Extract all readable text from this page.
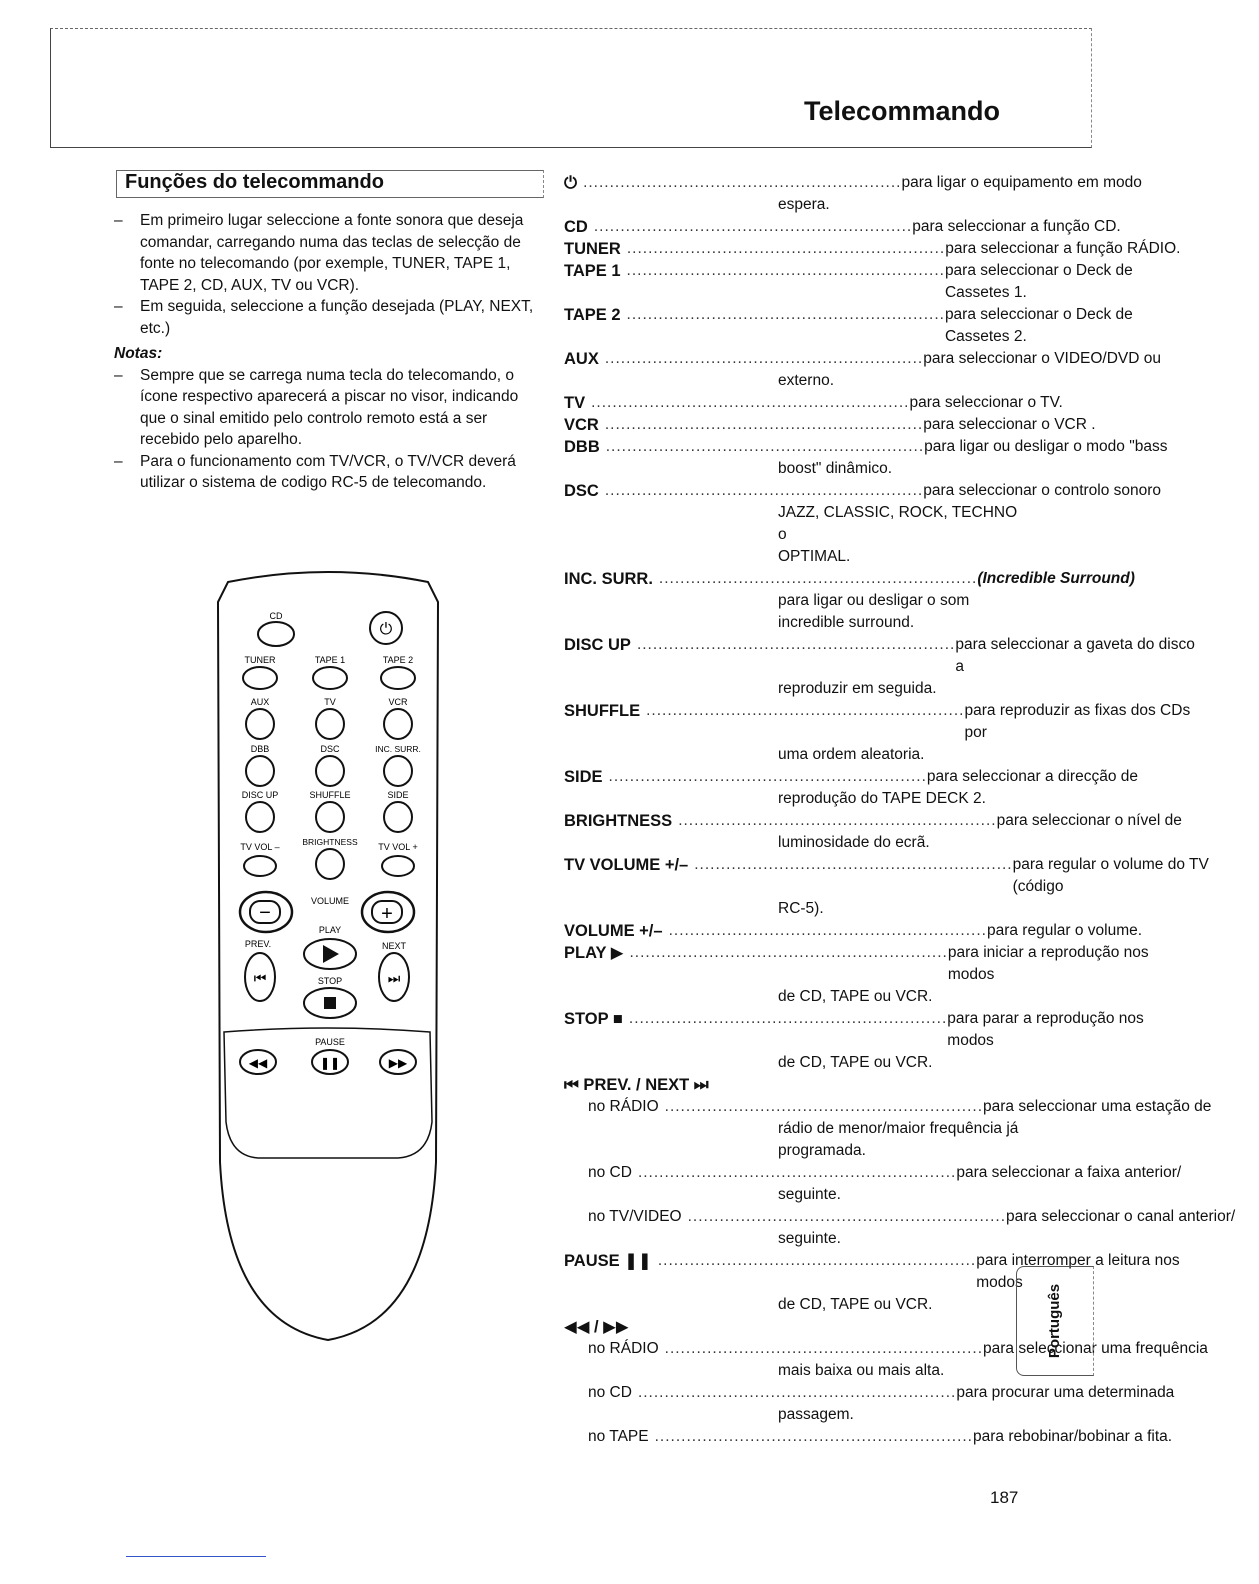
Telecommando
Funções do telecommando

– Em primeiro lugar seleccione a fonte sonora que deseja comandar, carregando numa das teclas de selecção de fonte no telecomando (por exemple, TUNER, TAPE 1, TAPE 2, CD, AUX, TV ou VCR).

– Em seguida, seleccione a função desejada (PLAY, NEXT, etc.)

Notas:

– Sempre que se carrega numa tecla do telecomando, o ícone respectivo aparecerá a piscar no visor, indicando que o sinal emitido pelo controlo remoto está a ser recebido pelo aparelho.

– Para o funcionamento com TV/VCR, o TV/VCR deverá utilizar o sistema de codigo RC-5 de telecomando.

CD
⏻
TUNER	TAPE 1	TAPE 2
AUX	TV	VCR
DBB	DSC	INC. SURR.
DISC UP	SHUFFLE	SIDE
TV VOL –	BRIGHTNESS TV VOL +
VOLUME
−	+
PLAY
PREV.	NEXT
⏮	⏭
STOP
PAUSE
◀◀	❚❚	▶▶
⏻ ............................................................ para ligar o equipamento em modo
espera.
CD ............................................................ para seleccionar a função CD.
TUNER ............................................................ para seleccionar a função RÁDIO.
TAPE 1 ............................................................ para seleccionar o Deck de Cassetes 1.
TAPE 2 ............................................................ para seleccionar o Deck de Cassetes 2.
AUX ............................................................ para seleccionar o VIDEO/DVD ou
externo.
TV ............................................................ para seleccionar o TV.
VCR ............................................................ para seleccionar o VCR .
DBB ............................................................ para ligar ou desligar o modo "bass
boost" dinâmico.
DSC ............................................................ para seleccionar o controlo sonoro
JAZZ, CLASSIC, ROCK, TECHNO o
OPTIMAL.
INC. SURR. ............................................................ (Incredible Surround)
para ligar ou desligar o som
incredible surround.
DISC UP ............................................................ para seleccionar a gaveta do disco a
reproduzir em seguida.
SHUFFLE ............................................................ para reproduzir as fixas dos CDs por
uma ordem aleatoria.
SIDE ............................................................ para seleccionar a direcção de
reprodução do TAPE DECK 2.
BRIGHTNESS ............................................................ para seleccionar o nível de
luminosidade do ecrã.
TV VOLUME +/– ............................................................ para regular o volume do TV (código
RC-5).
VOLUME +/– ............................................................ para regular o volume.
PLAY ▶ ............................................................ para iniciar a reprodução nos modos
de CD, TAPE ou VCR.
STOP ■ ............................................................ para parar a reprodução nos modos
de CD, TAPE ou VCR.
⏮ PREV. / NEXT ⏭
no RÁDIO ............................................................ para seleccionar uma estação de
rádio de menor/maior frequência já
programada.
no CD ............................................................ para seleccionar a faixa anterior/
seguinte.
no TV/VIDEO ............................................................ para seleccionar o canal anterior/
seguinte.
PAUSE ❚❚ ............................................................ para interromper a leitura nos modos
de CD, TAPE ou VCR.
◀◀ / ▶▶
no RÁDIO ............................................................ para seleccionar uma frequência
mais baixa ou mais alta.
no CD ............................................................ para procurar uma determinada
passagem.
no TAPE ............................................................ para rebobinar/bobinar a fita.
Português
187
